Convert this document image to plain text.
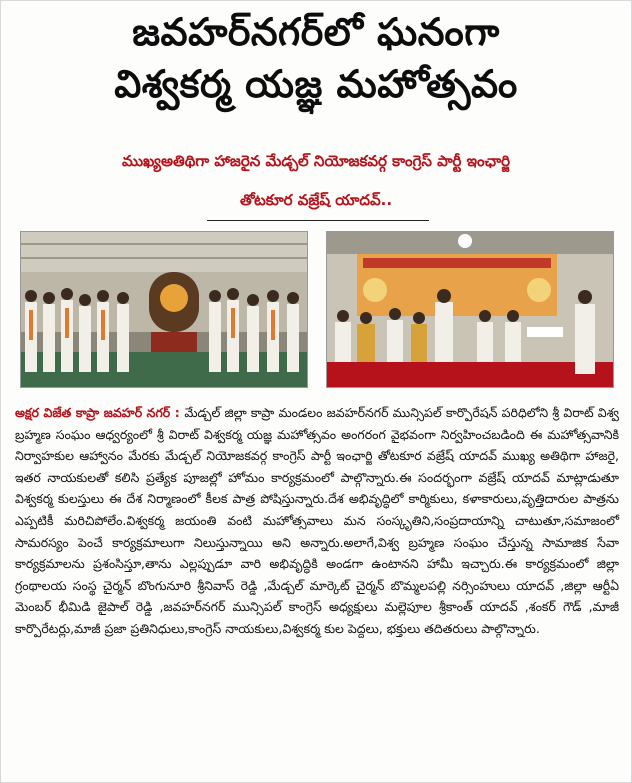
జవహర్‌నగర్‌లో ఘనంగా
విశ్వకర్మ యజ్ఞ మహోత్సవం
ముఖ్యఅతిథిగా హాజరైన మేడ్చల్ నియోజకవర్గ కాంగ్రెస్ పార్టీ ఇంఛార్జి
తోటకూర వజ్రేష్ యాదవ్..
అక్షర విజేత కాప్రా జవహర్ నగర్ : మేడ్చల్ జిల్లా కాప్రా మండలం జవహర్‌నగర్ మున్సిపల్ కార్పొరేషన్ పరిధిలోని శ్రీ విరాట్ విశ్వ బ్రహ్మణ సంఘం ఆధ్వర్యంలో శ్రీ విరాట్ విశ్వకర్మ యజ్ఞ మహోత్సవం అంగరంగ వైభవంగా నిర్వహించబడింది ఈ మహోత్సవానికి నిర్వాహకుల ఆహ్వానం మేరకు మేడ్చల్ నియోజకవర్గ కాంగ్రెస్ పార్టీ ఇంఛార్జి తోటకూర వజ్రేష్ యాదవ్ ముఖ్య అతిథిగా హాజరై, ఇతర నాయకులతో కలిసి ప్రత్యేక పూజల్లో హోమం కార్యక్రమంలో పాల్గొన్నారు.ఈ సందర్భంగా వజ్రేష్ యాదవ్ మాట్లాడుతూ విశ్వకర్మ కులస్తులు ఈ దేశ నిర్మాణంలో కీలక పాత్ర పోషిస్తున్నారు.దేశ అభివృద్ధిలో కార్మికులు, కళాకారులు,వృత్తిదారుల పాత్రను ఎప్పటికీ మరిచిపోలేం.విశ్వకర్మ జయంతి వంటి మహోత్సవాలు మన సంస్కృతిని,సంప్రదాయాన్ని చాటుతూ,సమాజంలో సామరస్యం పెంచే కార్యక్రమాలుగా నిలుస్తున్నాయి అని అన్నారు.అలాగే,విశ్వ బ్రహ్మణ సంఘం చేస్తున్న సామాజిక సేవా కార్యక్రమాలను ప్రశంసిస్తూ,తాను ఎల్లప్పుడూ వారి అభివృద్ధికి అండగా ఉంటానని హామీ ఇచ్చారు.ఈ కార్యక్రమంలో జిల్లా గ్రంథాలయ సంస్థ చైర్మన్ బొంగునూరి శ్రీనివాస్ రెడ్డి ,మేడ్చల్ మార్కెట్ చైర్మన్ బొమ్మలపల్లి నర్సింహులు యాదవ్ ,జిల్లా ఆర్టీఏ మెంబర్ భీమిడి జైపాల్ రెడ్డి ,జవహర్‌నగర్ మున్సిపల్ కాంగ్రెస్ అధ్యక్షులు మల్లెపూల శ్రీకాంత్ యాదవ్ ,శంకర్ గౌడ్ ,మాజీ కార్పొరేటర్లు,మాజీ ప్రజా ప్రతినిధులు,కాంగ్రెస్ నాయకులు,విశ్వకర్మ కుల పెద్దలు, భక్తులు తదితరులు పాల్గొన్నారు.
